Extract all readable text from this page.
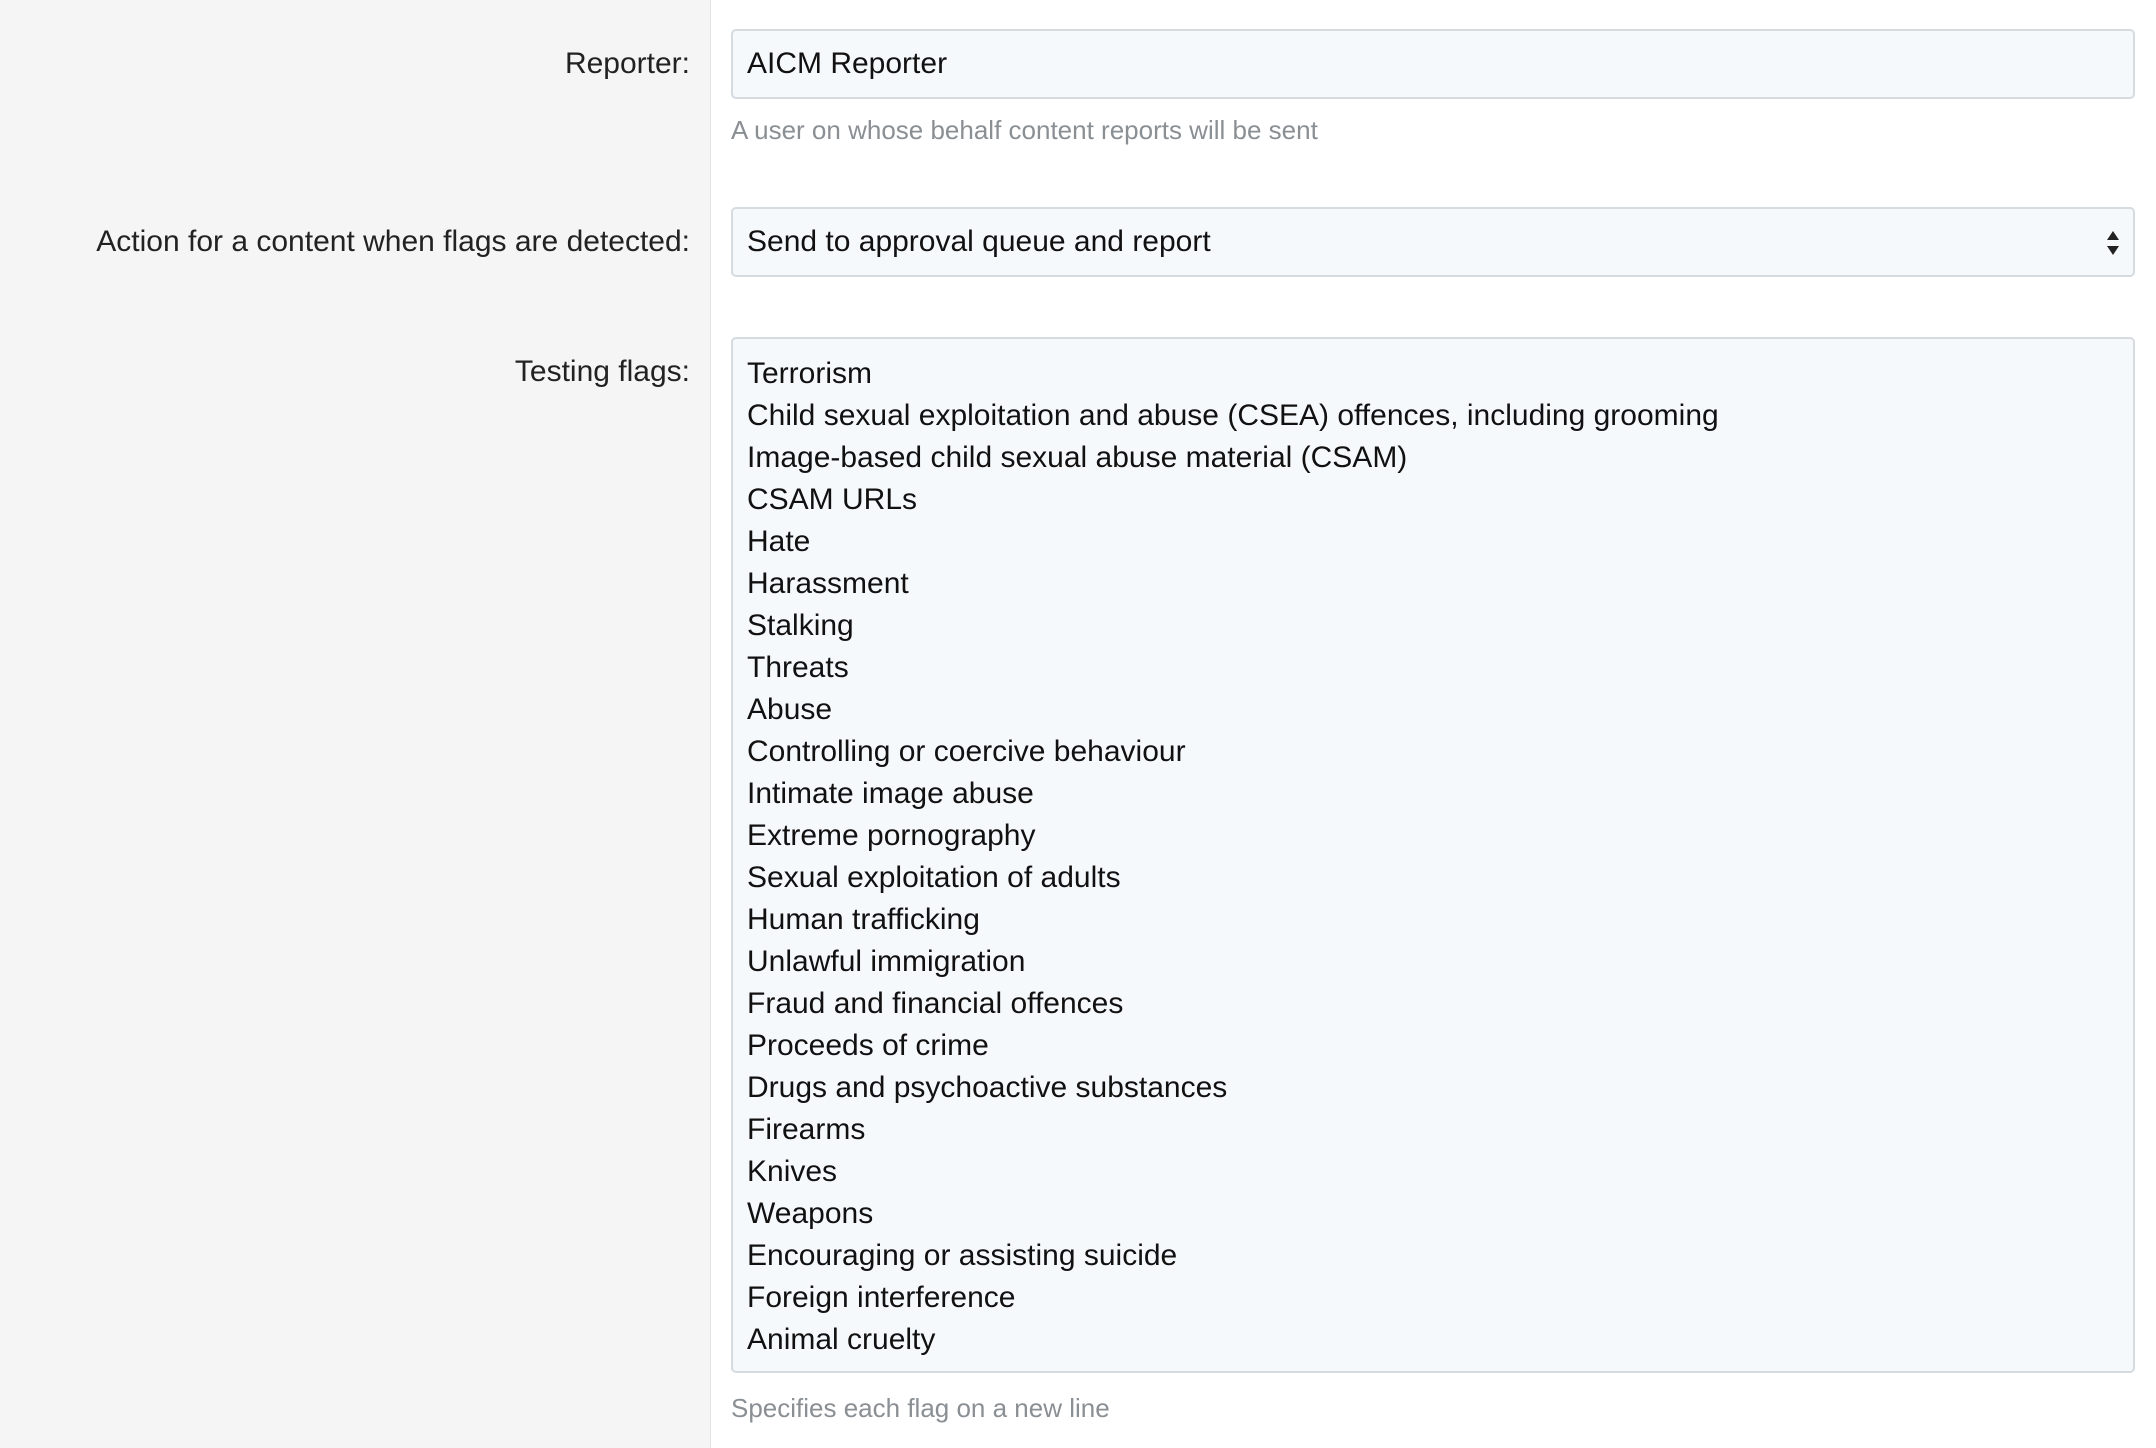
Reporter:	AICM Reporter
A user on whose behalf content reports will be sent
Action for a content when flags are detected:	Send to approval queue and report
Testing flags: Terrorism
Child sexual exploitation and abuse (CSEA) offences, including grooming
Image-based child sexual abuse material (CSAM)
CSAM URLs
Hate
Harassment
Stalking
Threats
Abuse
Controlling or coercive behaviour
Intimate image abuse
Extreme pornography
Sexual exploitation of adults
Human trafficking
Unlawful immigration
Fraud and financial offences
Proceeds of crime
Drugs and psychoactive substances
Firearms
Knives
Weapons
Encouraging or assisting suicide
Foreign interference
Animal cruelty
Specifies each flag on a new line
